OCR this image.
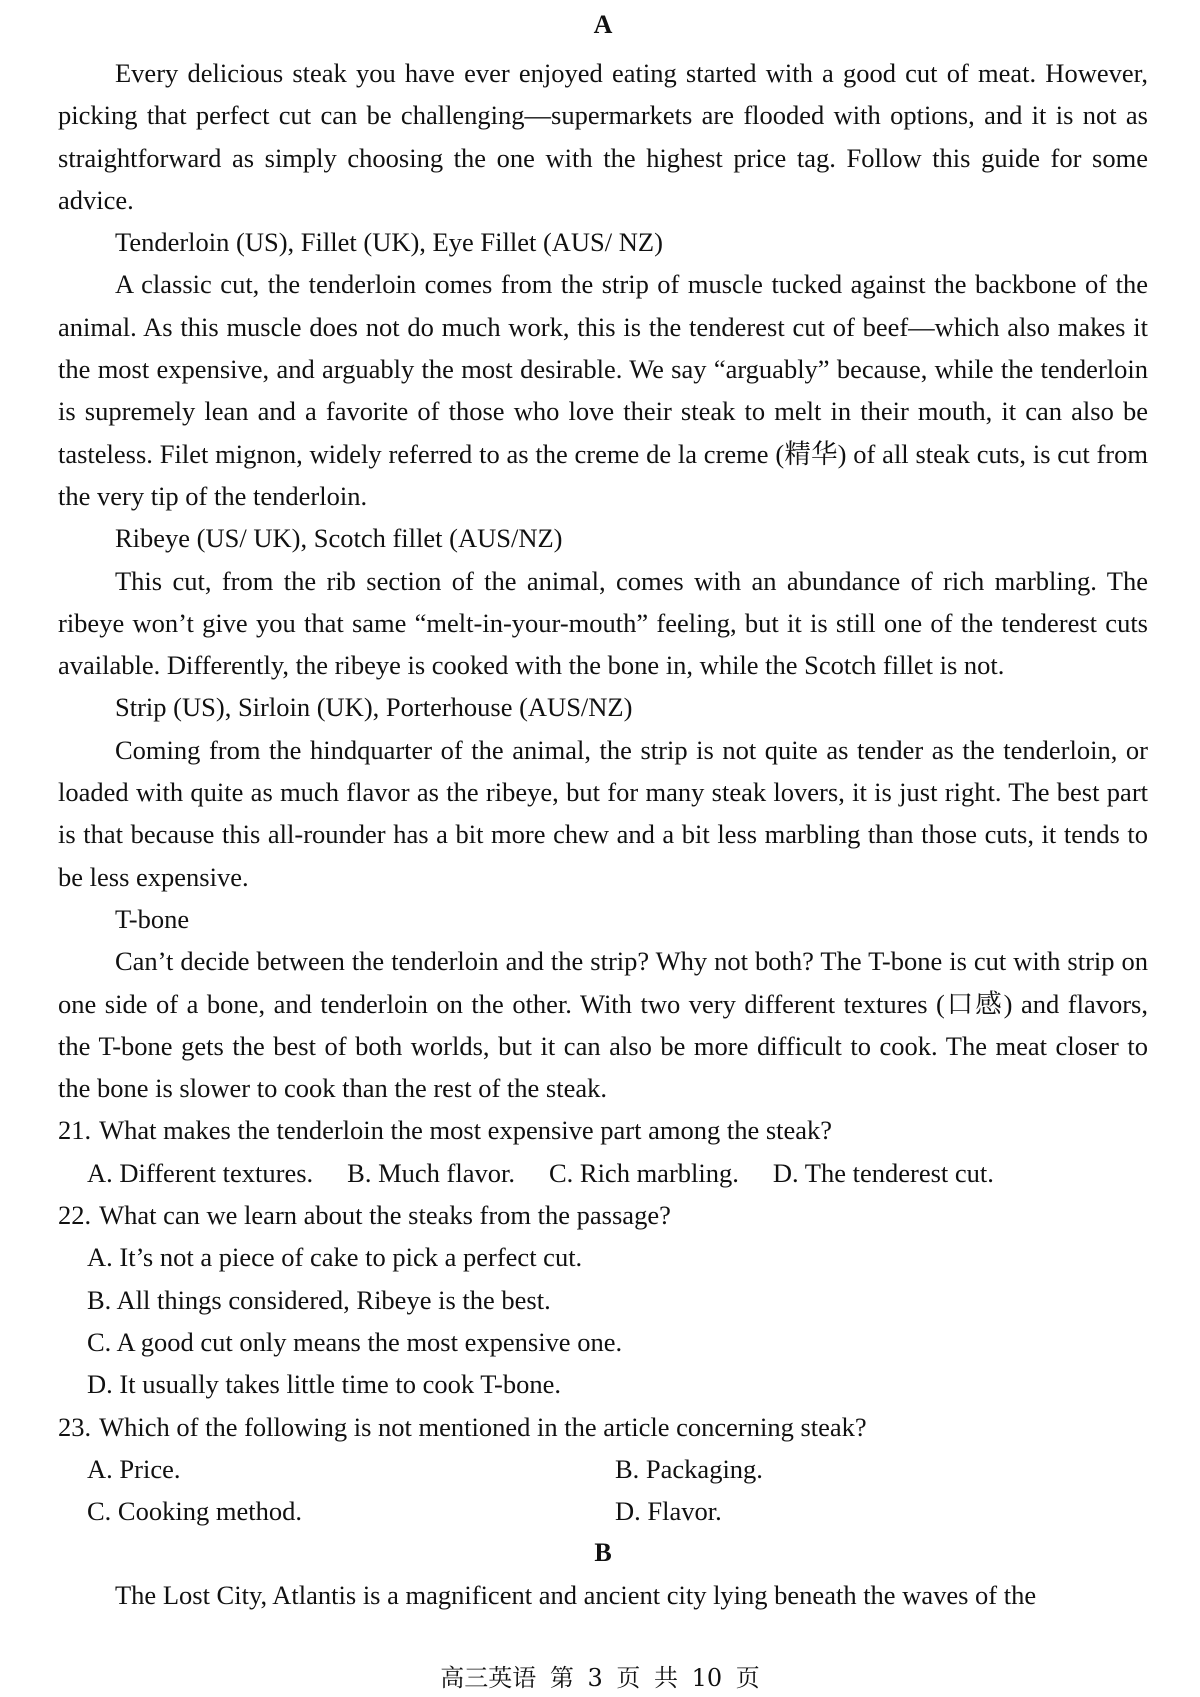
A

Every delicious steak you have ever enjoyed eating started with a good cut of meat. However, picking that perfect cut can be challenging—supermarkets are flooded with options, and it is not as straightforward as simply choosing the one with the highest price tag. Follow this guide for some advice.

Tenderloin (US), Fillet (UK), Eye Fillet (AUS/ NZ)

A classic cut, the tenderloin comes from the strip of muscle tucked against the backbone of the animal. As this muscle does not do much work, this is the tenderest cut of beef—which also makes it the most expensive, and arguably the most desirable. We say “arguably” because, while the tenderloin is supremely lean and a favorite of those who love their steak to melt in their mouth, it can also be tasteless. Filet mignon, widely referred to as the creme de la creme (精华) of all steak cuts, is cut from the very tip of the tenderloin.

Ribeye (US/ UK), Scotch fillet (AUS/NZ)

This cut, from the rib section of the animal, comes with an abundance of rich marbling. The ribeye won’t give you that same “melt-in-your-mouth” feeling, but it is still one of the tenderest cuts available. Differently, the ribeye is cooked with the bone in, while the Scotch fillet is not.

Strip (US), Sirloin (UK), Porterhouse (AUS/NZ)

Coming from the hindquarter of the animal, the strip is not quite as tender as the tenderloin, or loaded with quite as much flavor as the ribeye, but for many steak lovers, it is just right. The best part is that because this all-rounder has a bit more chew and a bit less marbling than those cuts, it tends to be less expensive.

T-bone

Can’t decide between the tenderloin and the strip? Why not both? The T-bone is cut with strip on one side of a bone, and tenderloin on the other. With two very different textures (口感) and flavors, the T-bone gets the best of both worlds, but it can also be more difficult to cook. The meat closer to the bone is slower to cook than the rest of the steak.

21. What makes the tenderloin the most expensive part among the steak?
A. Different textures. B. Much flavor. C. Rich marbling. D. The tenderest cut.
22. What can we learn about the steaks from the passage?
A. It’s not a piece of cake to pick a perfect cut.
B. All things considered, Ribeye is the best.
C. A good cut only means the most expensive one.
D. It usually takes little time to cook T-bone.
23. Which of the following is not mentioned in the article concerning steak?
A. Price.	B. Packaging.
C. Cooking method.	D. Flavor.
B

The Lost City, Atlantis is a magnificent and ancient city lying beneath the waves of the

高三英语 第 3 页 共 10 页
